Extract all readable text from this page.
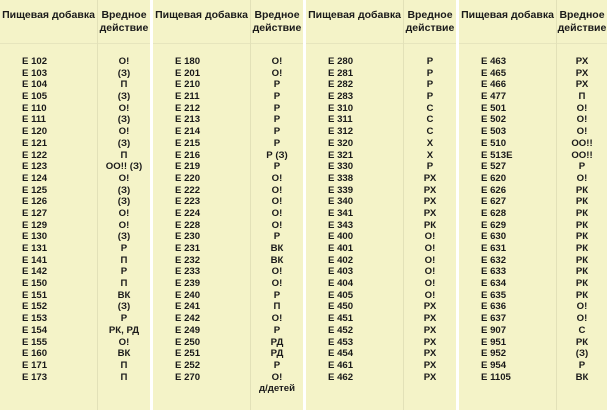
Пищевая добавка
E 102
E 103
E 104
E 105
E 110
E 111
E 120
E 121
E 122
E 123
E 124
E 125
E 126
E 127
E 129
E 130
E 131
E 141
E 142
E 150
E 151
E 152
E 153
E 154
E 155
E 160
E 171
E 173
Вредное
действие
О!
(З)
П
(З)
О!
(З)
О!
(З)
П
ОО!! (З)
О!
(З)
(З)
О!
О!
(З)
Р
П
Р
П
ВК
(З)
Р
РК, РД
О!
ВК
П
П
Пищевая добавка
E 180
E 201
E 210
E 211
E 212
E 213
E 214
E 215
E 216
E 219
E 220
E 222
E 223
E 224
E 228
E 230
E 231
E 232
E 233
E 239
E 240
E 241
E 242
E 249
E 250
E 251
E 252
E 270
Вредное
действие
О!
О!
Р
Р
Р
Р
Р
Р
Р (З)
Р
О!
О!
О!
О!
О!
Р
ВК
ВК
О!
О!
Р
П
О!
Р
РД
РД
Р
О!
д/детей
Пищевая добавка
E 280
E 281
E 282
E 283
E 310
E 311
E 312
E 320
E 321
E 330
E 338
E 339
E 340
E 341
E 343
E 400
E 401
E 402
E 403
E 404
E 405
E 450
E 451
E 452
E 453
E 454
E 461
E 462
Вредное
действие
Р
Р
Р
Р
С
С
С
Х
Х
Р
РХ
РХ
РХ
РХ
РК
О!
О!
О!
О!
О!
О!
РХ
РХ
РХ
РХ
РХ
РХ
РХ
Пищевая добавка
E 463
E 465
E 466
E 477
E 501
E 502
E 503
E 510
E 513E
E 527
E 620
E 626
E 627
E 628
E 629
E 630
E 631
E 632
E 633
E 634
E 635
E 636
E 637
E 907
E 951
E 952
E 954
E 1105
Вредное
действие
РХ
РХ
РХ
П
О!
О!
О!
ОО!!
ОО!!
Р
О!
РК
РК
РК
РК
РК
РК
РК
РК
РК
РК
О!
О!
С
РК
(З)
Р
ВК
